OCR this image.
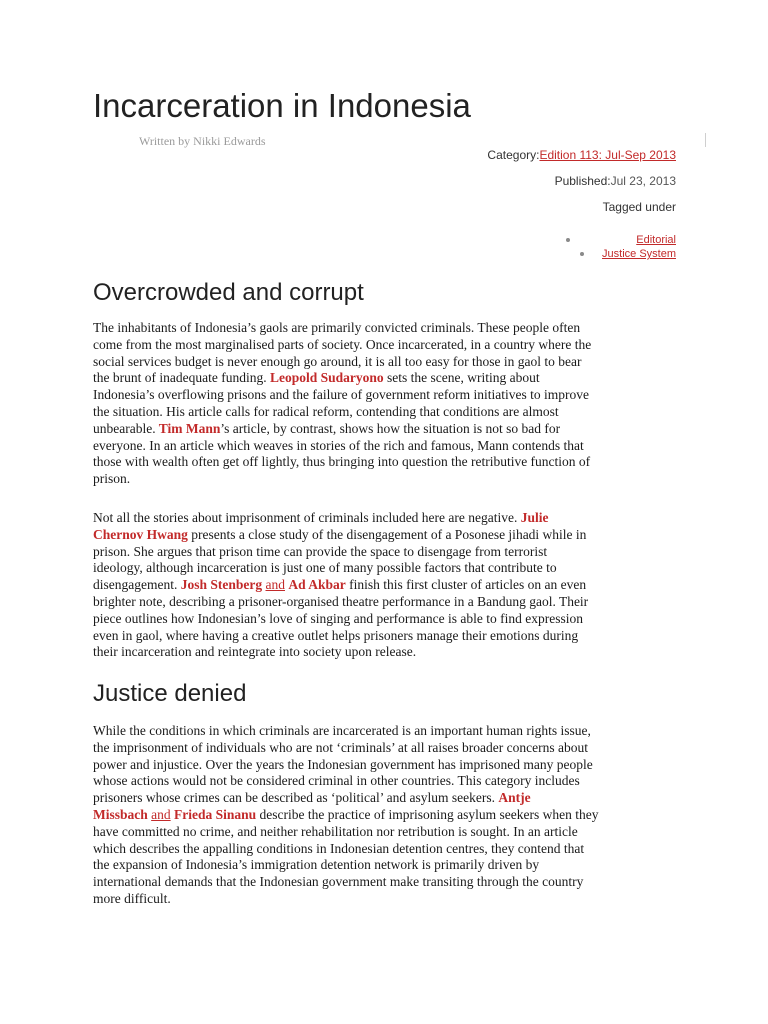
Incarceration in Indonesia
Written by Nikki Edwards
Category:Edition 113: Jul-Sep 2013
Published:Jul 23, 2013
Tagged under
Editorial
Justice System
Overcrowded and corrupt

The inhabitants of Indonesia’s gaols are primarily convicted criminals. These people often
come from the most marginalised parts of society. Once incarcerated, in a country where the
social services budget is never enough go around, it is all too easy for those in gaol to bear
the brunt of inadequate funding. Leopold Sudaryono sets the scene, writing about
Indonesia’s overflowing prisons and the failure of government reform initiatives to improve
the situation. His article calls for radical reform, contending that conditions are almost
unbearable. Tim Mann’s article, by contrast, shows how the situation is not so bad for
everyone. In an article which weaves in stories of the rich and famous, Mann contends that
those with wealth often get off lightly, thus bringing into question the retributive function of
prison.

Not all the stories about imprisonment of criminals included here are negative. Julie
Chernov Hwang presents a close study of the disengagement of a Posonese jihadi while in
prison. She argues that prison time can provide the space to disengage from terrorist
ideology, although incarceration is just one of many possible factors that contribute to
disengagement. Josh Stenberg and Ad Akbar finish this first cluster of articles on an even
brighter note, describing a prisoner-organised theatre performance in a Bandung gaol. Their
piece outlines how Indonesian’s love of singing and performance is able to find expression
even in gaol, where having a creative outlet helps prisoners manage their emotions during
their incarceration and reintegrate into society upon release.

Justice denied

While the conditions in which criminals are incarcerated is an important human rights issue,
the imprisonment of individuals who are not ‘criminals’ at all raises broader concerns about
power and injustice. Over the years the Indonesian government has imprisoned many people
whose actions would not be considered criminal in other countries. This category includes
prisoners whose crimes can be described as ‘political’ and asylum seekers. Antje
Missbach and Frieda Sinanu describe the practice of imprisoning asylum seekers when they
have committed no crime, and neither rehabilitation nor retribution is sought. In an article
which describes the appalling conditions in Indonesian detention centres, they contend that
the expansion of Indonesia’s immigration detention network is primarily driven by
international demands that the Indonesian government make transiting through the country
more difficult.
